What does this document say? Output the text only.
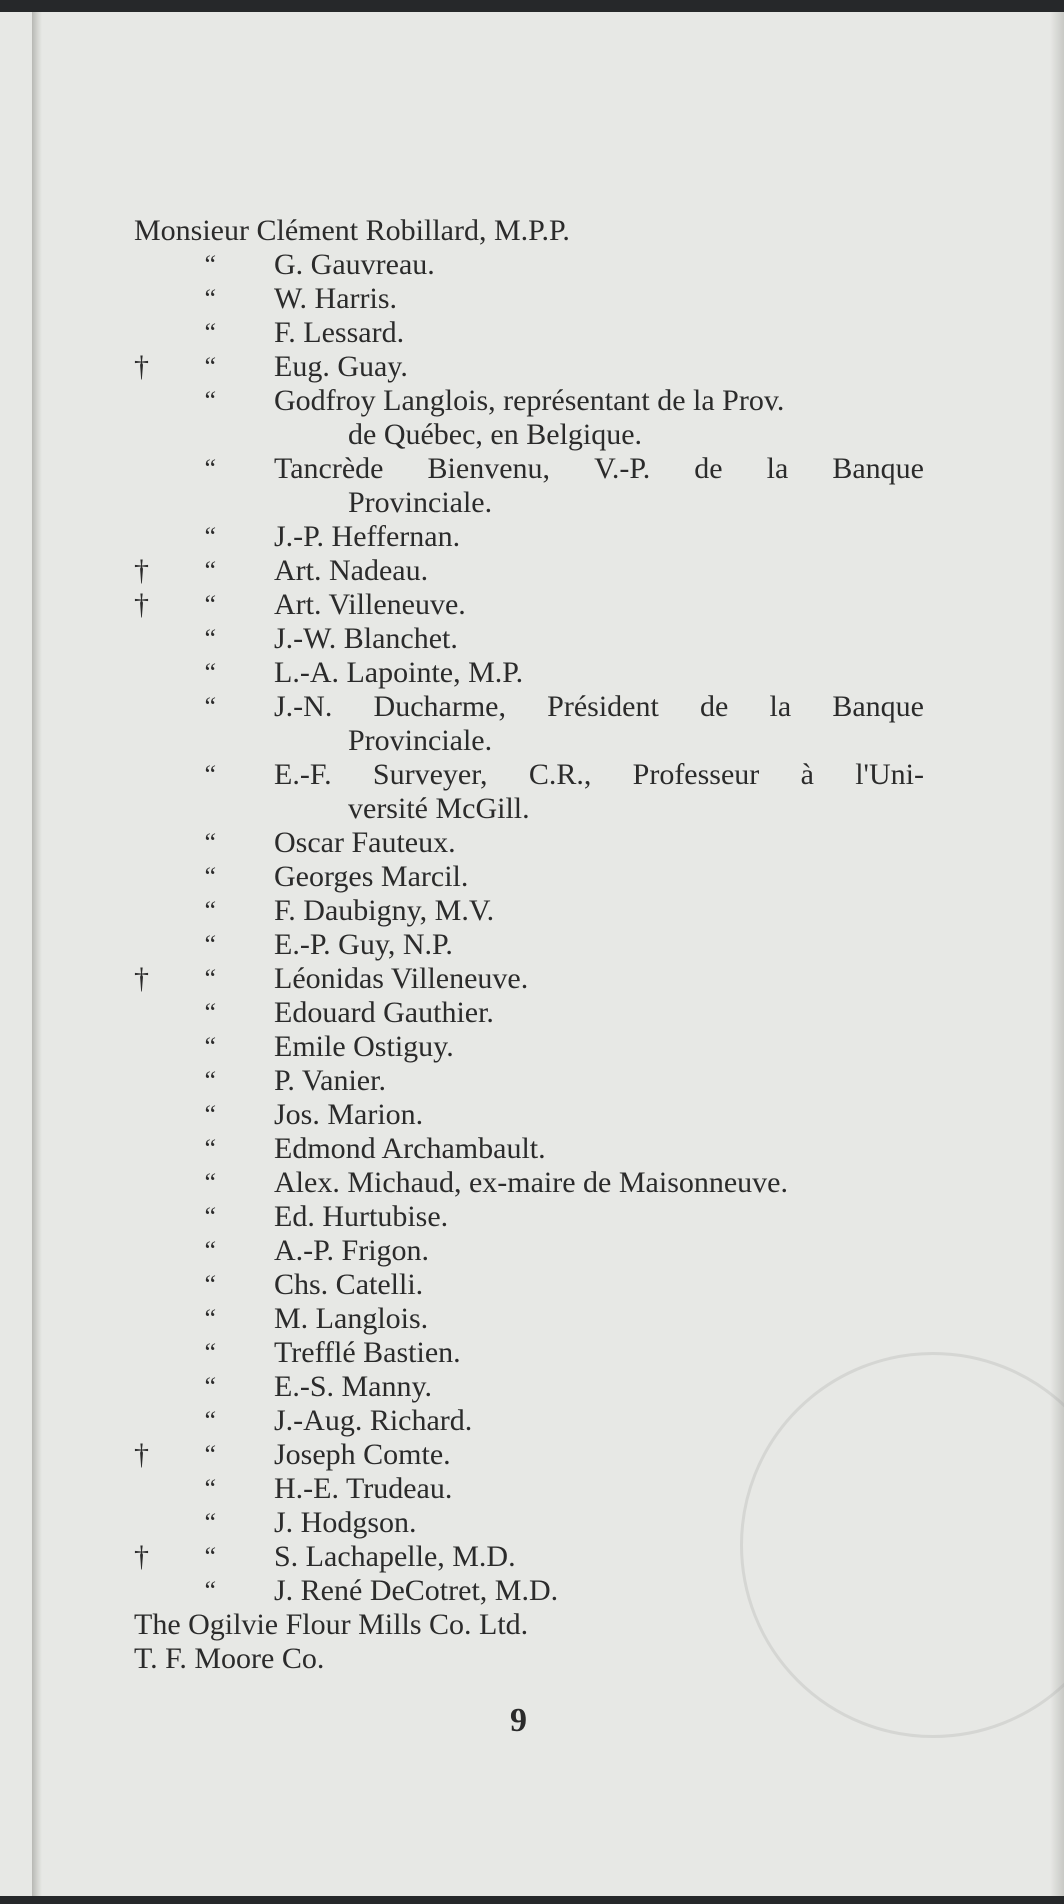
Monsieur Clément Robillard, M.P.P.
“ G. Gauvreau.
“ W. Harris.
“ F. Lessard.
† “ Eug. Guay.
“ Godfroy Langlois, représentant de la Prov.
de Québec, en Belgique.
“ Tancrède Bienvenu, V.-P. de la Banque
Provinciale.
“ J.-P. Heffernan.
† “ Art. Nadeau.
† “ Art. Villeneuve.
“ J.-W. Blanchet.
“ L.-A. Lapointe, M.P.
“ J.-N. Ducharme, Président de la Banque
Provinciale.
“ E.-F. Surveyer, C.R., Professeur à l'Uni-
versité McGill.
“ Oscar Fauteux.
“ Georges Marcil.
“ F. Daubigny, M.V.
“ E.-P. Guy, N.P.
† “ Léonidas Villeneuve.
“ Edouard Gauthier.
“ Emile Ostiguy.
“ P. Vanier.
“ Jos. Marion.
“ Edmond Archambault.
“ Alex. Michaud, ex-maire de Maisonneuve.
“ Ed. Hurtubise.
“ A.-P. Frigon.
“ Chs. Catelli.
“ M. Langlois.
“ Trefflé Bastien.
“ E.-S. Manny.
“ J.-Aug. Richard.
† “ Joseph Comte.
“ H.-E. Trudeau.
“ J. Hodgson.
† “ S. Lachapelle, M.D.
“ J. René DeCotret, M.D.
The Ogilvie Flour Mills Co. Ltd.
T. F. Moore Co.
9
